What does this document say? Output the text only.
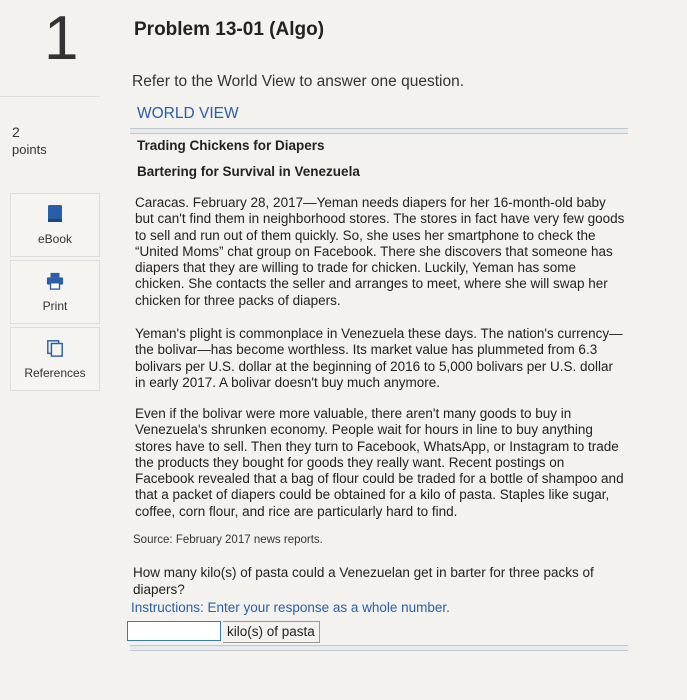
1
2
points
eBook
Print
References
Problem 13-01 (Algo)
Refer to the World View to answer one question.
WORLD VIEW
Trading Chickens for Diapers
Bartering for Survival in Venezuela
Caracas. February 28, 2017—Yeman needs diapers for her 16-month-old baby but can't find them in neighborhood stores. The stores in fact have very few goods to sell and run out of them quickly. So, she uses her smartphone to check the “United Moms” chat group on Facebook. There she discovers that someone has diapers that they are willing to trade for chicken. Luckily, Yeman has some chicken. She contacts the seller and arranges to meet, where she will swap her chicken for three packs of diapers.
Yeman's plight is commonplace in Venezuela these days. The nation's currency—the bolivar—has become worthless. Its market value has plummeted from 6.3 bolivars per U.S. dollar at the beginning of 2016 to 5,000 bolivars per U.S. dollar in early 2017. A bolivar doesn't buy much anymore.
Even if the bolivar were more valuable, there aren't many goods to buy in Venezuela's shrunken economy. People wait for hours in line to buy anything stores have to sell. Then they turn to Facebook, WhatsApp, or Instagram to trade the products they bought for goods they really want. Recent postings on Facebook revealed that a bag of flour could be traded for a bottle of shampoo and that a packet of diapers could be obtained for a kilo of pasta. Staples like sugar, coffee, corn flour, and rice are particularly hard to find.
Source: February 2017 news reports.
How many kilo(s) of pasta could a Venezuelan get in barter for three packs of diapers?
Instructions: Enter your response as a whole number.
kilo(s) of pasta
